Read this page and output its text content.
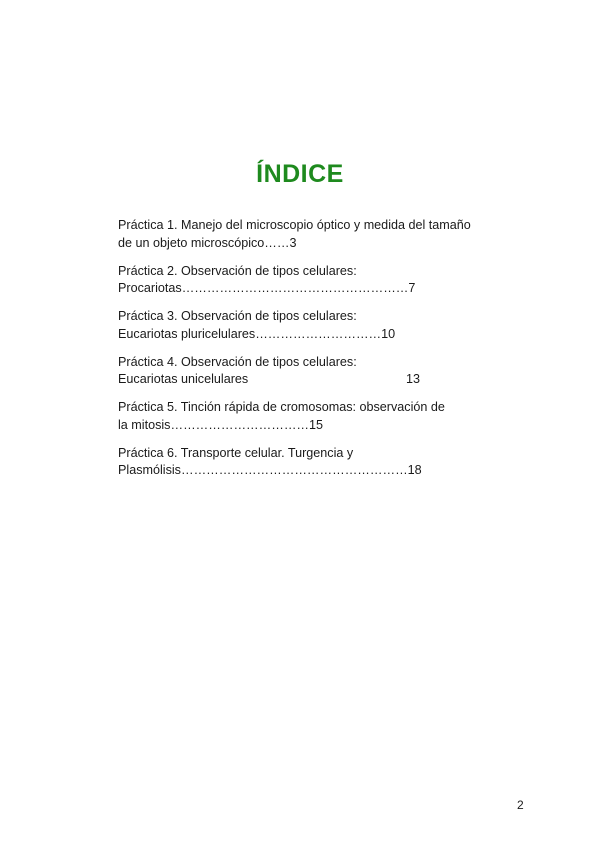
ÍNDICE
Práctica 1. Manejo del microscopio óptico y medida del tamaño
de un objeto microscópico……3
Práctica 2. Observación de tipos celulares:
Procariotas………………………………………………7
Práctica 3. Observación de tipos celulares:
Eucariotas pluricelulares…………………………10
Práctica 4. Observación de tipos celulares:
Eucariotas unicelulares	13
Práctica 5. Tinción rápida de cromosomas: observación de
la mitosis……………………………15
Práctica 6. Transporte celular. Turgencia y
Plasmólisis………………………………………………18
2
